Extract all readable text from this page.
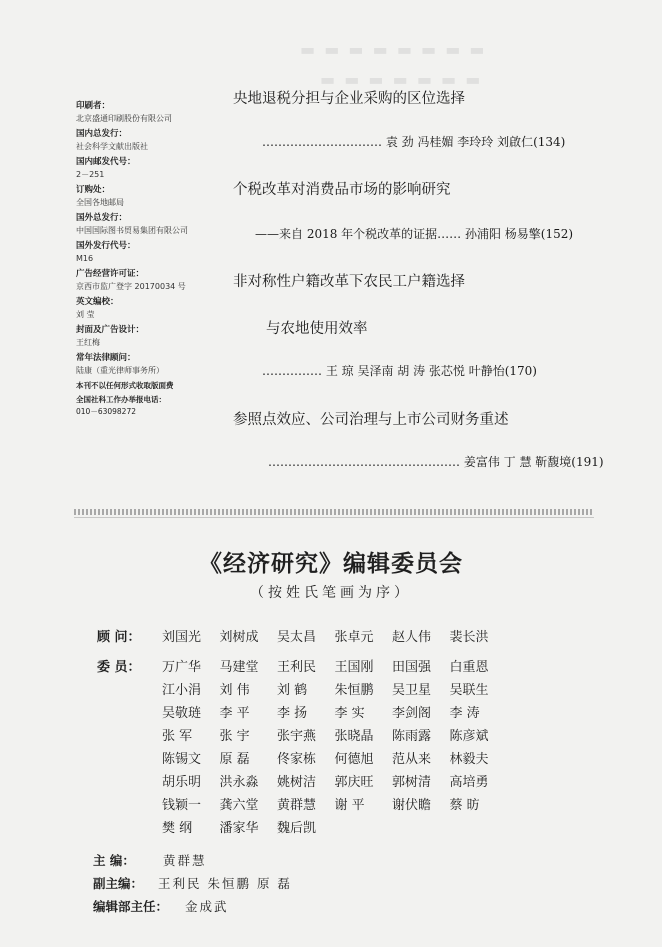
▬ ▬ ▬ ▬ ▬ ▬ ▬ ▬
▬ ▬ ▬ ▬ ▬ ▬ ▬
印刷者：
北京盛通印刷股份有限公司
国内总发行：
社会科学文献出版社
国内邮发代号：
2－251
订购处：
全国各地邮局
国外总发行：
中国国际图书贸易集团有限公司
国外发行代号：
M16
广告经营许可证：
京西市监广登字 20170034 号
英文编校：
刘 莹
封面及广告设计：
王红梅
常年法律顾问：
陆康（重光律师事务所）
本刊不以任何形式收取版面费
全国社科工作办举报电话：
010－63098272
央地退税分担与企业采购的区位选择
………………………… 袁 劲 冯桂媚 李玲玲 刘啟仁(134)
个税改革对消费品市场的影响研究
——来自 2018 年个税改革的证据…… 孙浦阳 杨易擎(152)
非对称性户籍改革下农民工户籍选择
与农地使用效率
…………… 王 琼 吴泽南 胡 涛 张芯悦 叶静怡(170)
参照点效应、公司治理与上市公司财务重述
………………………………………… 姜富伟 丁 慧 靳馥境(191)
《经济研究》编辑委员会
（按姓氏笔画为序）
顾 问： 刘国光	刘树成	吴太昌	张卓元	赵人伟	裴长洪
委 员： 万广华	马建堂	王利民	王国刚	田国强	白重恩
江小涓	刘 伟	刘 鹤	朱恒鹏	吴卫星	吴联生
吴敬琏	李 平	李 扬	李 实	李剑阁	李 涛
张 军	张 宇	张宇燕	张晓晶	陈雨露	陈彦斌
陈锡文	原 磊	佟家栋	何德旭	范从来	林毅夫
胡乐明	洪永淼	姚树洁	郭庆旺	郭树清	高培勇
钱颖一	龚六堂	黄群慧	谢 平	谢伏瞻	蔡 昉
樊 纲	潘家华	魏后凯
主 编： 黄群慧
副主编： 王利民 朱恒鹏 原 磊
编辑部主任： 金成武
